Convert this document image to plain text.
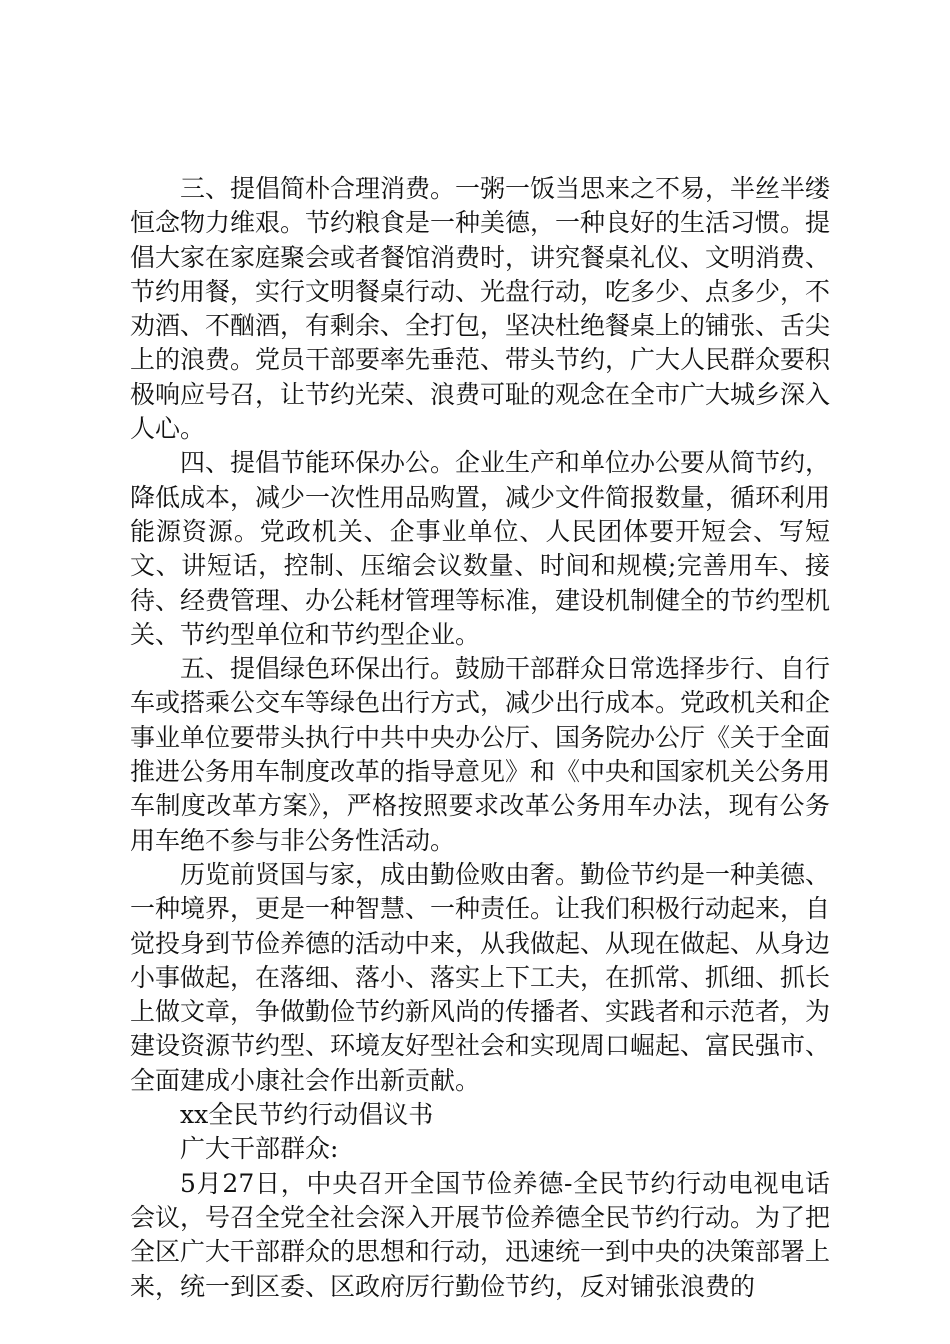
三、提倡简朴合理消费。一粥一饭当思来之不易，半丝半缕恒念物力维艰。节约粮食是一种美德，一种良好的生活习惯。提倡大家在家庭聚会或者餐馆消费时，讲究餐桌礼仪、文明消费、节约用餐，实行文明餐桌行动、光盘行动，吃多少、点多少，不劝酒、不酗酒，有剩余、全打包，坚决杜绝餐桌上的铺张、舌尖上的浪费。党员干部要率先垂范、带头节约，广大人民群众要积极响应号召，让节约光荣、浪费可耻的观念在全市广大城乡深入人心。

四、提倡节能环保办公。企业生产和单位办公要从简节约，降低成本，减少一次性用品购置，减少文件简报数量，循环利用能源资源。党政机关、企事业单位、人民团体要开短会、写短文、讲短话，控制、压缩会议数量、时间和规模;完善用车、接待、经费管理、办公耗材管理等标准，建设机制健全的节约型机关、节约型单位和节约型企业。

五、提倡绿色环保出行。鼓励干部群众日常选择步行、自行车或搭乘公交车等绿色出行方式，减少出行成本。党政机关和企事业单位要带头执行中共中央办公厅、国务院办公厅《关于全面推进公务用车制度改革的指导意见》和《中央和国家机关公务用车制度改革方案》，严格按照要求改革公务用车办法，现有公务用车绝不参与非公务性活动。

历览前贤国与家，成由勤俭败由奢。勤俭节约是一种美德、一种境界，更是一种智慧、一种责任。让我们积极行动起来，自觉投身到节俭养德的活动中来，从我做起、从现在做起、从身边小事做起，在落细、落小、落实上下工夫，在抓常、抓细、抓长上做文章，争做勤俭节约新风尚的传播者、实践者和示范者，为建设资源节约型、环境友好型社会和实现周口崛起、富民强市、全面建成小康社会作出新贡献。

xx全民节约行动倡议书

广大干部群众:

5月27日，中央召开全国节俭养德-全民节约行动电视电话会议，号召全党全社会深入开展节俭养德全民节约行动。为了把全区广大干部群众的思想和行动，迅速统一到中央的决策部署上来，统一到区委、区政府厉行勤俭节约，反对铺张浪费的
